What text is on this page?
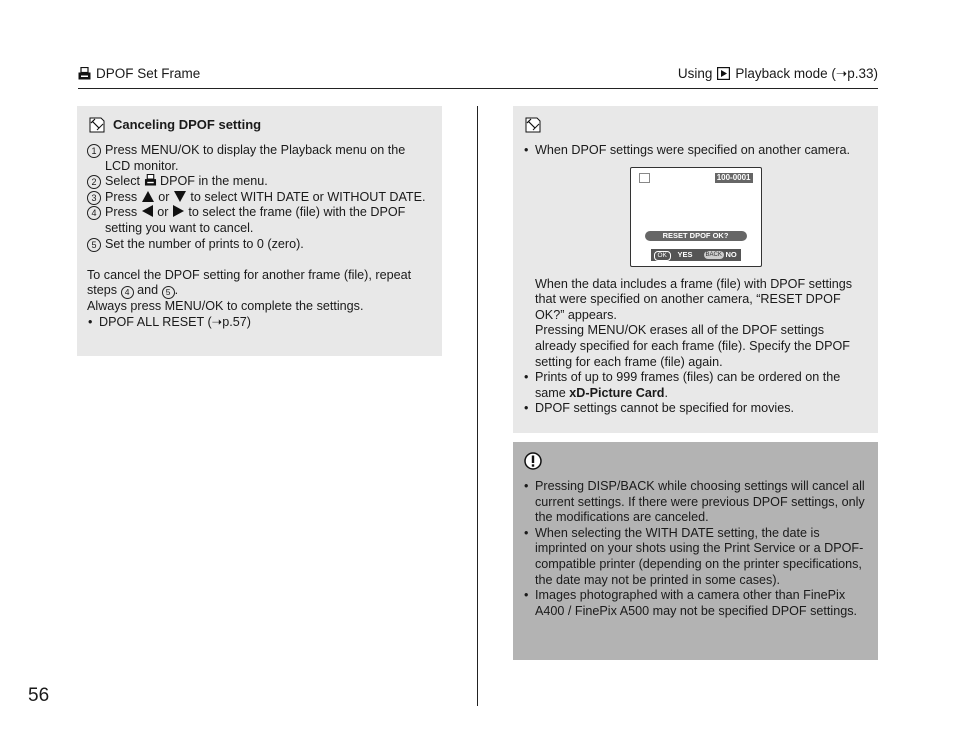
DPOF Set Frame	Using Playback mode ( ➝p.33)
Canceling DPOF setting

1 Press MENU/OK to display the Playback menu on the LCD monitor.

2 Select DPOF in the menu.

3 Press or to select WITH DATE or WITHOUT DATE.

4 Press or to select the frame (file) with the DPOF setting you want to cancel.

5 Set the number of prints to 0 (zero).

To cancel the DPOF setting for another frame (file), repeat steps 4 and 5 .

Always press MENU/OK to complete the settings.

• DPOF ALL RESET (➝p.57)

• When DPOF settings were specified on another camera.

100-0001
RESET DPOF OK?
OK	YES	BACK NO

When the data includes a frame (file) with DPOF settings that were specified on another camera, “RESET DPOF OK?” appears.

Pressing MENU/OK erases all of the DPOF settings already specified for each frame (file). Specify the DPOF setting for each frame (file) again.

• Prints of up to 999 frames (files) can be ordered on the same xD-Picture Card.

• DPOF settings cannot be specified for movies.

• Pressing DISP/BACK while choosing settings will cancel all current settings. If there were previous DPOF settings, only the modifications are canceled.

• When selecting the WITH DATE setting, the date is imprinted on your shots using the Print Service or a DPOF-compatible printer (depending on the printer specifications, the date may not be printed in some cases).

• Images photographed with a camera other than FinePix A400 / FinePix A500 may not be specified DPOF settings.

56
